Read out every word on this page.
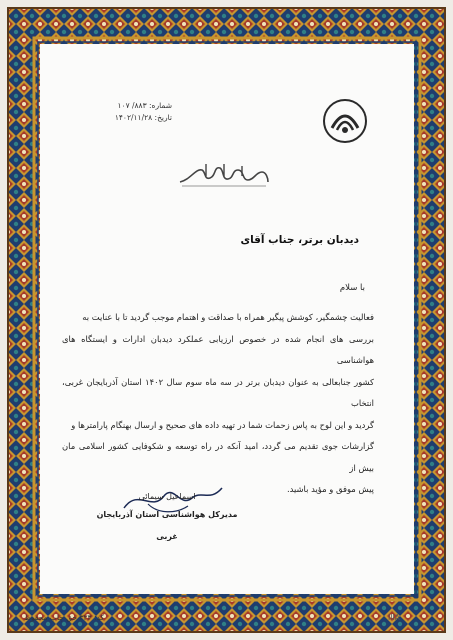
شماره: ۸۸۳/ ۱۰۷
تاریخ: ۱۴۰۲/۱۱/۲۸
دیدبان برتر، جناب آقای
با سلام

فعالیت چشمگیر، کوشش پیگیر همراه با صداقت و اهتمام موجب گردید تا با عنایت به

بررسی های انجام شده در خصوص ارزیابی عملکرد دیدبان ادارات و ایستگاه های هواشناسی

کشور جنابعالی به عنوان دیدبان برتر در سه ماه سوم سال ۱۴۰۲ استان آذربایجان غربی، انتخاب

گردید و این لوح به پاس زحمات شما در تهیه داده های صحیح و ارسال بهنگام پارامترها و

گزارشات جوی تقدیم می گردد، امید آنکه در راه توسعه و شکوفایی کشور اسلامی مان بیش از

پیش موفق و مؤید باشید.

اسماعیل سیمائی
مدیرکل هواشناسی استان آذربایجان غربی
کد: ۳۲۳ حق چاپ محفوظ	IIIA
